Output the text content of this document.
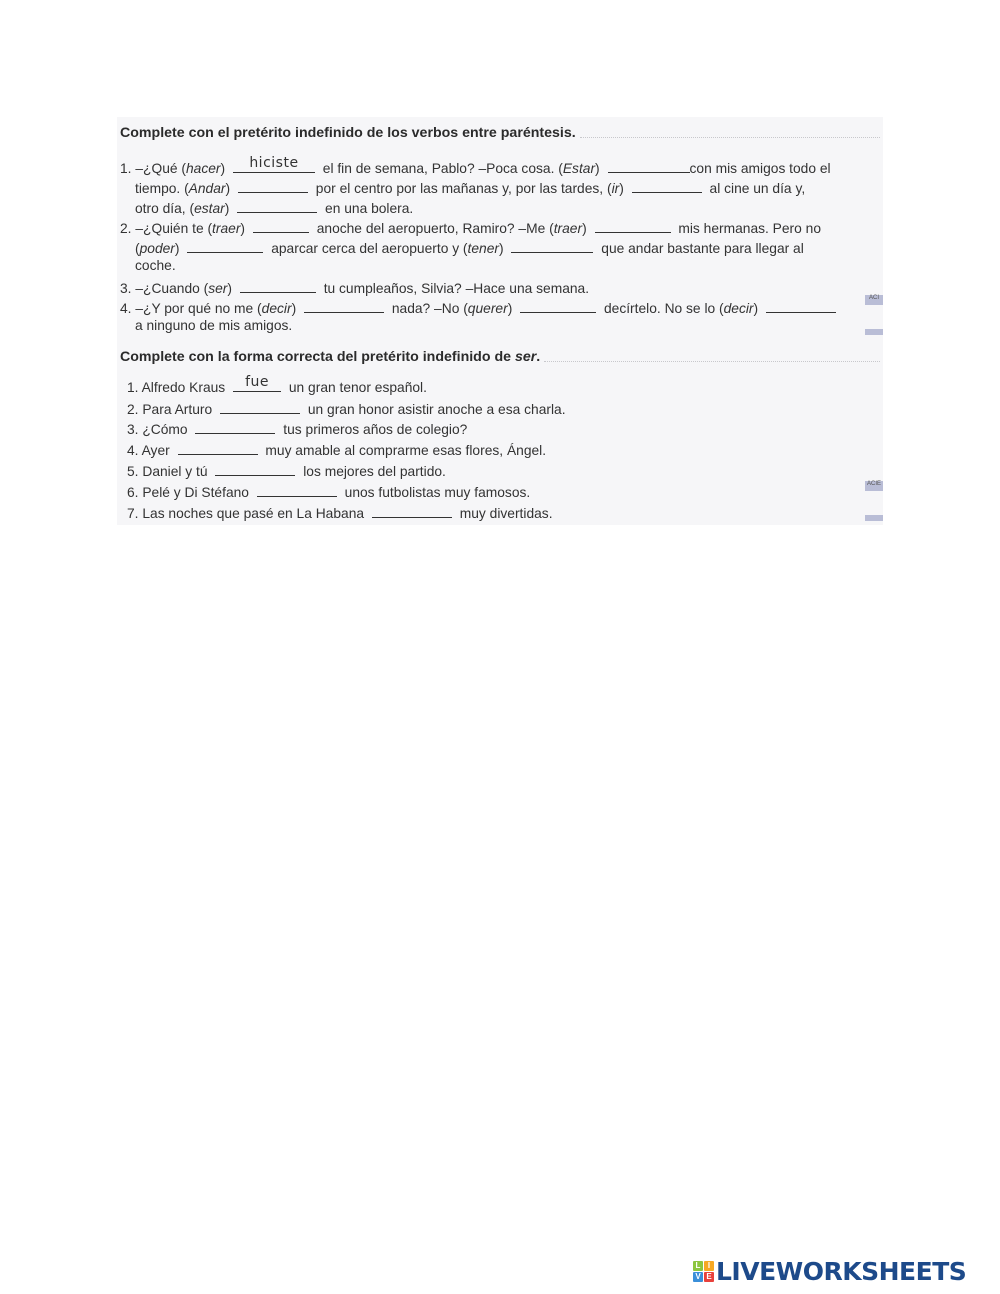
Complete con el pretérito indefinido de los verbos entre paréntesis.
1. –¿Qué (hacer)	hiciste	el fin de semana, Pablo? –Poca cosa. (Estar)	con mis amigos todo el
tiempo. (Andar)	por el centro por las mañanas y, por las tardes, (ir)	al cine un día y,
otro día, (estar)	en una bolera.
2. –¿Quién te (traer)	anoche del aeropuerto, Ramiro? –Me (traer)	mis hermanas. Pero no
(poder)	aparcar cerca del aeropuerto y (tener)	que andar bastante para llegar al
coche.
3. –¿Cuando (ser)	tu cumpleaños, Silvia? –Hace una semana.
4. –¿Y por qué no me (decir)	nada? –No (querer)	decírtelo. No se lo (decir)
a ninguno de mis amigos.
Complete con la forma correcta del pretérito indefinido de
ser .
1. Alfredo Kraus	fue	un gran tenor español.
2. Para Arturo	un gran honor asistir anoche a esa charla.
3. ¿Cómo	tus primeros años de colegio?
4. Ayer	muy amable al comprarme esas flores, Ángel.
5. Daniel y tú	los mejores del partido.
6. Pelé y Di Stéfano	unos futbolistas muy famosos.
7. Las noches que pasé en La Habana	muy divertidas.
ACI
ACIE
L I
V E LIVEWORKSHEETS
